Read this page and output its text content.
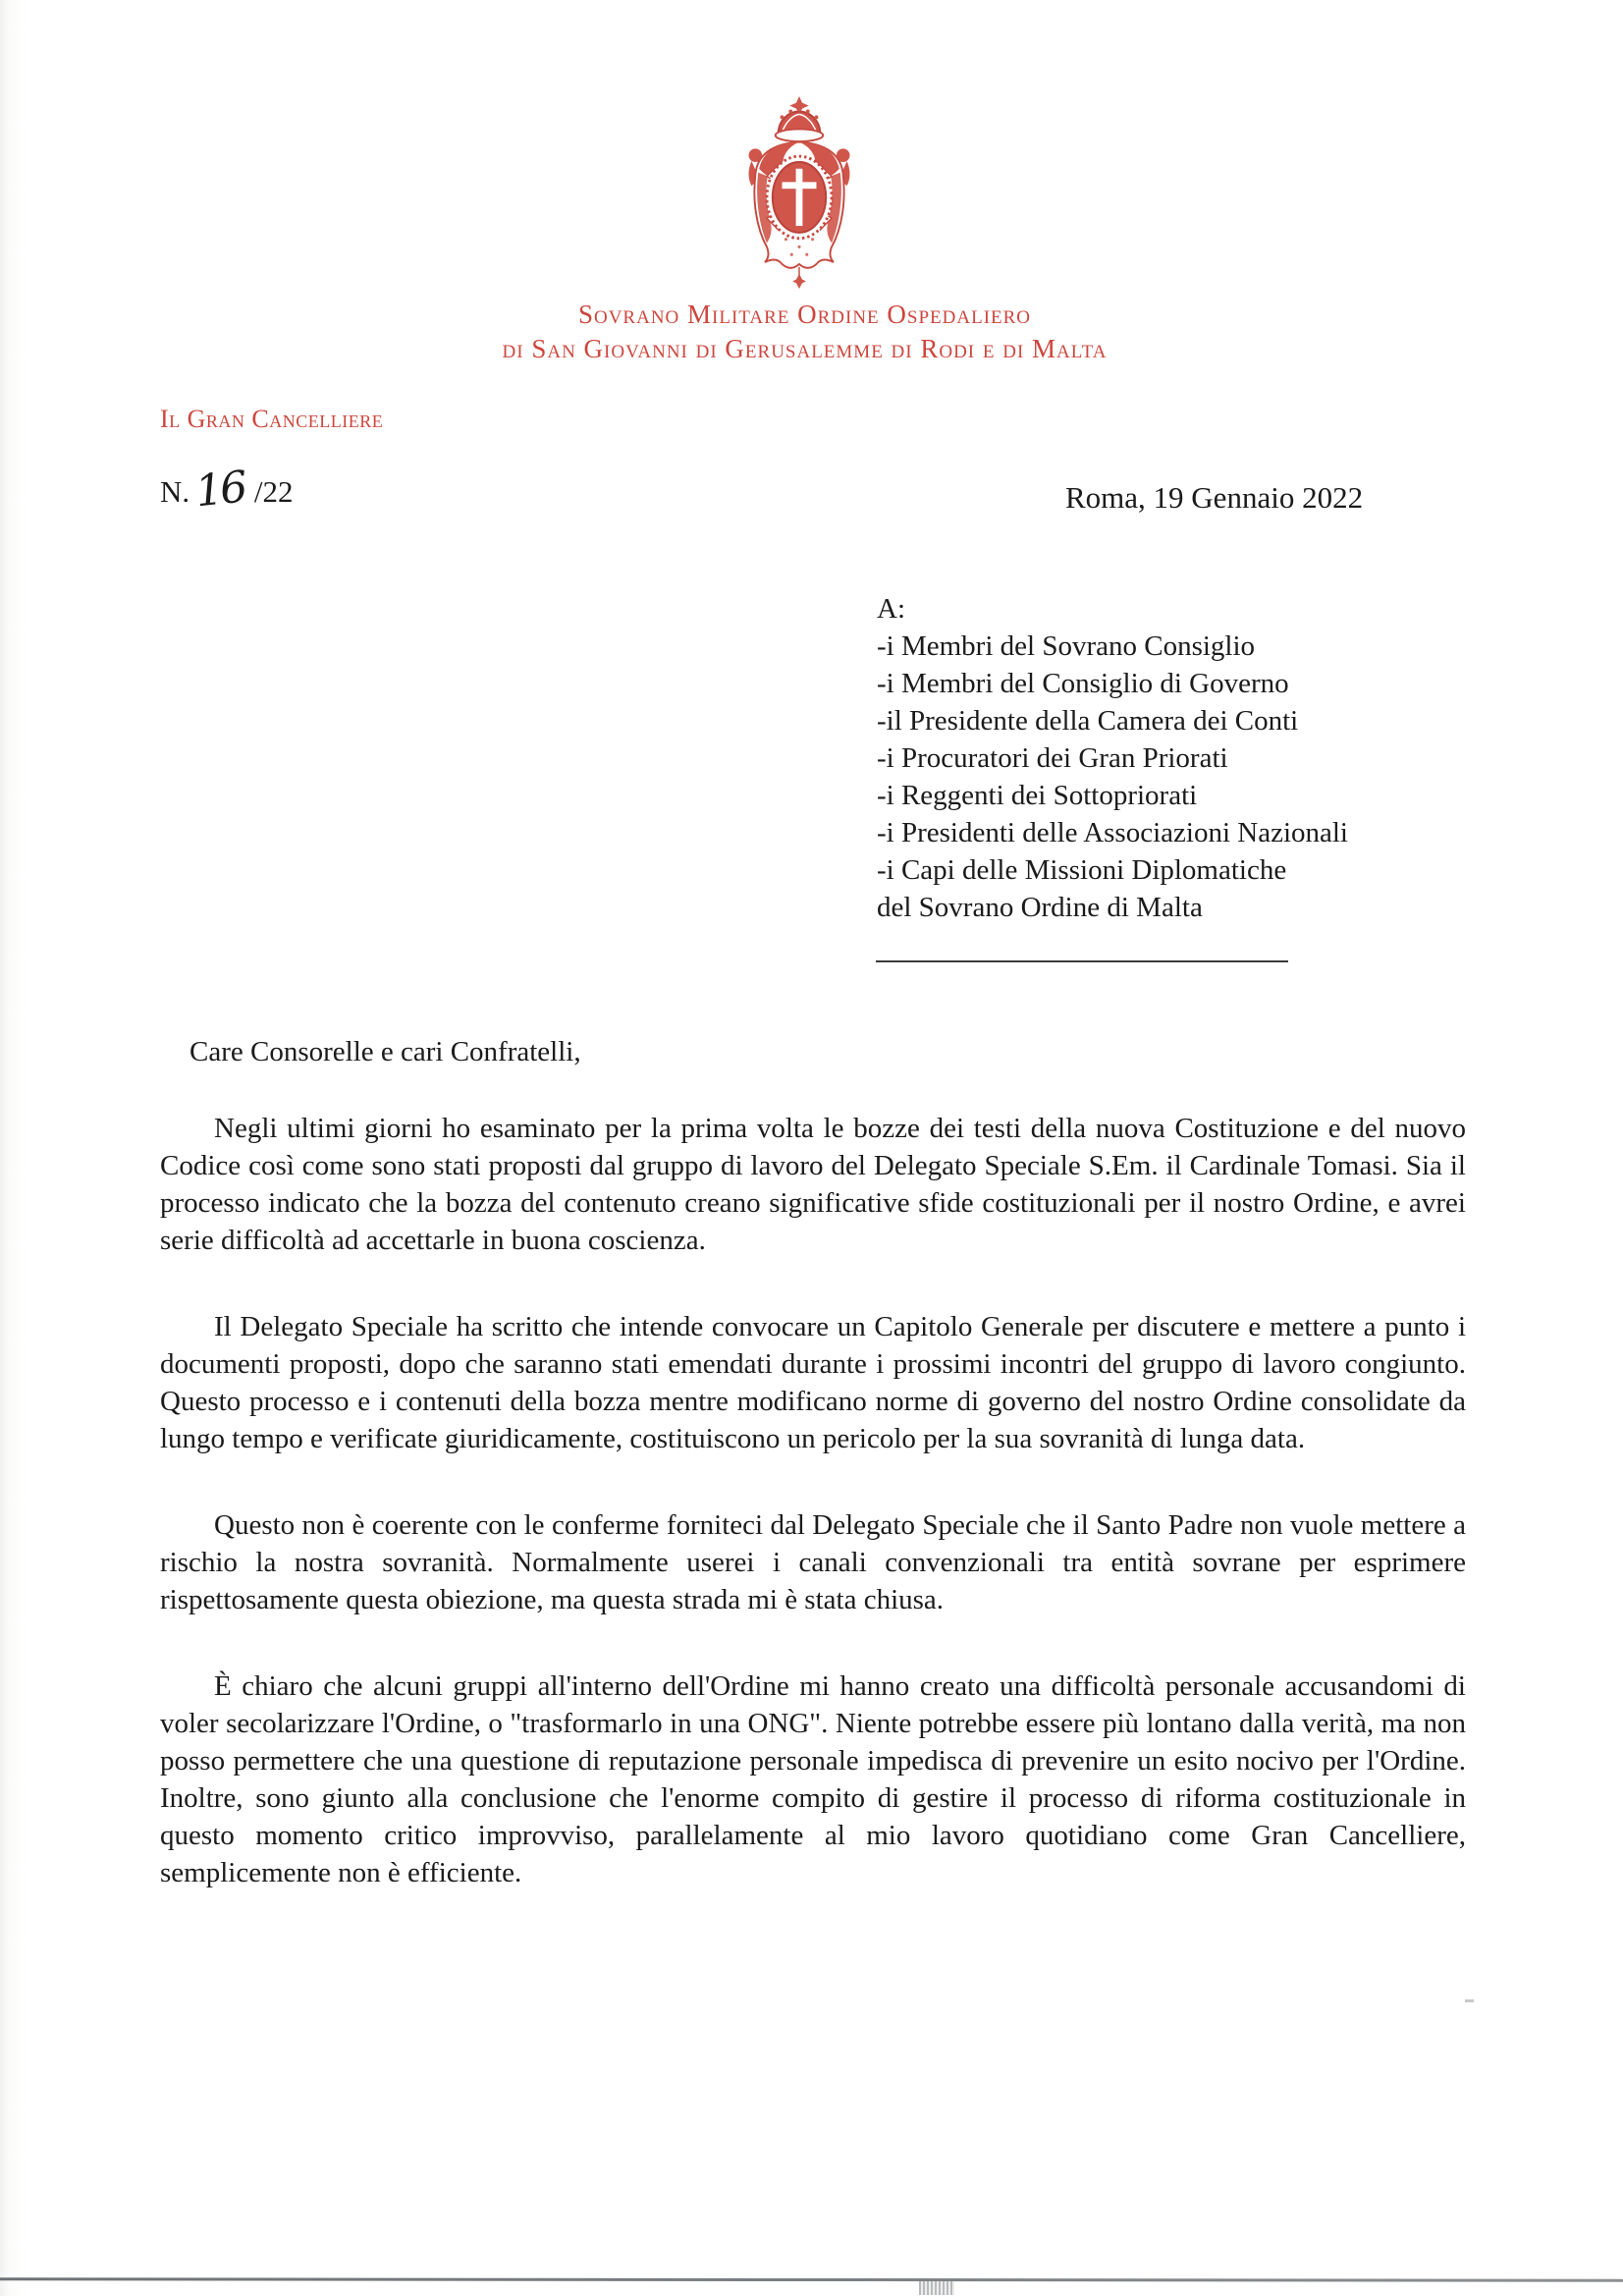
Sovrano Militare Ordine Ospedaliero
di San Giovanni di Gerusalemme di Rodi e di Malta
Il Gran Cancelliere
N.16 /22	Roma, 19 Gennaio 2022
A:
-i Membri del Sovrano Consiglio
-i Membri del Consiglio di Governo
-il Presidente della Camera dei Conti
-i Procuratori dei Gran Priorati
-i Reggenti dei Sottopriorati
-i Presidenti delle Associazioni Nazionali
-i Capi delle Missioni Diplomatiche
del Sovrano Ordine di Malta
Care Consorelle e cari Confratelli,

Negli ultimi giorni ho esaminato per la prima volta le bozze dei testi della nuova Costituzione e del nuovo Codice così come sono stati proposti dal gruppo di lavoro del Delegato Speciale S.Em. il Cardinale Tomasi. Sia il processo indicato che la bozza del contenuto creano significative sfide costituzionali per il nostro Ordine, e avrei serie difficoltà ad accettarle in buona coscienza.

Il Delegato Speciale ha scritto che intende convocare un Capitolo Generale per discutere e mettere a punto i documenti proposti, dopo che saranno stati emendati durante i prossimi incontri del gruppo di lavoro congiunto. Questo processo e i contenuti della bozza mentre modificano norme di governo del nostro Ordine consolidate da lungo tempo e verificate giuridicamente, costituiscono un pericolo per la sua sovranità di lunga data.

Questo non è coerente con le conferme forniteci dal Delegato Speciale che il Santo Padre non vuole mettere a rischio la nostra sovranità. Normalmente userei i canali convenzionali tra entità sovrane per esprimere rispettosamente questa obiezione, ma questa strada mi è stata chiusa.

È chiaro che alcuni gruppi all'interno dell'Ordine mi hanno creato una difficoltà personale accusandomi di voler secolarizzare l'Ordine, o "trasformarlo in una ONG". Niente potrebbe essere più lontano dalla verità, ma non posso permettere che una questione di reputazione personale impedisca di prevenire un esito nocivo per l'Ordine. Inoltre, sono giunto alla conclusione che l'enorme compito di gestire il processo di riforma costituzionale in questo momento critico improvviso, parallelamente al mio lavoro quotidiano come Gran Cancelliere, semplicemente non è efficiente.
